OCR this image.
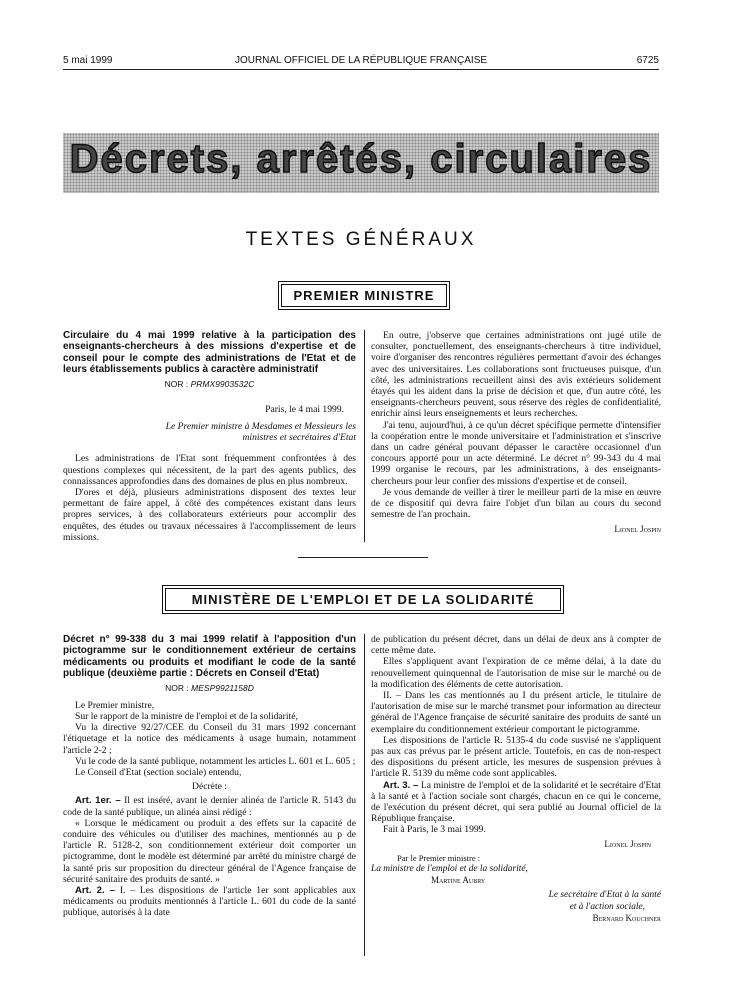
5 mai 1999	JOURNAL OFFICIEL DE LA RÉPUBLIQUE FRANÇAISE	6725
Décrets, arrêtés, circulaires
TEXTES GÉNÉRAUX
PREMIER MINISTRE
Circulaire du 4 mai 1999 relative à la participation des enseignants-chercheurs à des missions d'expertise et de conseil pour le compte des administrations de l'Etat et de leurs établissements publics à caractère administratif
NOR : PRMX9903532C
Paris, le 4 mai 1999.
Le Premier ministre à Mesdames et Messieurs les ministres et secrétaires d'Etat

Les administrations de l'Etat sont fréquemment confrontées à des questions complexes qui nécessitent, de la part des agents publics, des connaissances approfondies dans des domaines de plus en plus nombreux.

D'ores et déjà, plusieurs administrations disposent des textes leur permettant de faire appel, à côté des compétences existant dans leurs propres services, à des collaborateurs extérieurs pour accomplir des enquêtes, des études ou travaux nécessaires à l'accomplissement de leurs missions.

En outre, j'observe que certaines administrations ont jugé utile de consulter, ponctuellement, des enseignants-chercheurs à titre individuel, voire d'organiser des rencontres régulières permettant d'avoir des échanges avec des universitaires. Les collaborations sont fructueuses puisque, d'un côté, les administrations recueillent ainsi des avis extérieurs solidement étayés qui les aident dans la prise de décision et que, d'un autre côté, les enseignants-chercheurs peuvent, sous réserve des règles de confidentialité, enrichir ainsi leurs enseignements et leurs recherches.

J'ai tenu, aujourd'hui, à ce qu'un décret spécifique permette d'intensifier la coopération entre le monde universitaire et l'administration et s'inscrive dans un cadre général pouvant dépasser le caractère occasionnel d'un concours apporté pour un acte déterminé. Le décret n° 99-343 du 4 mai 1999 organise le recours, par les administrations, à des enseignants-chercheurs pour leur confier des missions d'expertise et de conseil.

Je vous demande de veiller à tirer le meilleur parti de la mise en œuvre de ce dispositif qui devra faire l'objet d'un bilan au cours du second semestre de l'an prochain.

Lionel Jospin
MINISTÈRE DE L'EMPLOI ET DE LA SOLIDARITÉ
Décret n° 99-338 du 3 mai 1999 relatif à l'apposition d'un pictogramme sur le conditionnement extérieur de certains médicaments ou produits et modifiant le code de la santé publique (deuxième partie : Décrets en Conseil d'Etat)
NOR : MESP9921158D

Le Premier ministre,

Sur le rapport de la ministre de l'emploi et de la solidarité,

Vu la directive 92/27/CEE du Conseil du 31 mars 1992 concernant l'étiquetage et la notice des médicaments à usage humain, notamment l'article 2-2 ;

Vu le code de la santé publique, notamment les articles L. 601 et L. 605 ;

Le Conseil d'Etat (section sociale) entendu,

Décrète :

Art. 1er. – Il est inséré, avant le dernier alinéa de l'article R. 5143 du code de la santé publique, un alinéa ainsi rédigé :

« Lorsque le médicament ou produit a des effets sur la capacité de conduire des véhicules ou d'utiliser des machines, mentionnés au p de l'article R. 5128-2, son conditionnement extérieur doit comporter un pictogramme, dont le modèle est déterminé par arrêté du ministre chargé de la santé pris sur proposition du directeur général de l'Agence française de sécurité sanitaire des produits de santé. »

Art. 2. – I. – Les dispositions de l'article 1er sont applicables aux médicaments ou produits mentionnés à l'article L. 601 du code de la santé publique, autorisés à la date

de publication du présent décret, dans un délai de deux ans à compter de cette même date.

Elles s'appliquent avant l'expiration de ce même délai, à la date du renouvellement quinquennal de l'autorisation de mise sur le marché ou de la modification des éléments de cette autorisation.

II. – Dans les cas mentionnés au I du présent article, le titulaire de l'autorisation de mise sur le marché transmet pour information au directeur général de l'Agence française de sécurité sanitaire des produits de santé un exemplaire du conditionnement extérieur comportant le pictogramme.

Les dispositions de l'article R. 5135-4 du code susvisé ne s'appliquent pas aux cas prévus par le présent article. Toutefois, en cas de non-respect des dispositions du présent article, les mesures de suspension prévues à l'article R. 5139 du même code sont applicables.

Art. 3. – La ministre de l'emploi et de la solidarité et le secrétaire d'Etat à la santé et à l'action sociale sont chargés, chacun en ce qui le concerne, de l'exécution du présent décret, qui sera publié au Journal officiel de la République française.

Fait à Paris, le 3 mai 1999.

Lionel Jospin
Par le Premier ministre :
La ministre de l'emploi et de la solidarité,
Martine Aubry
Le secrétaire d'Etat à la santé
et à l'action sociale,
Bernard Kouchner
